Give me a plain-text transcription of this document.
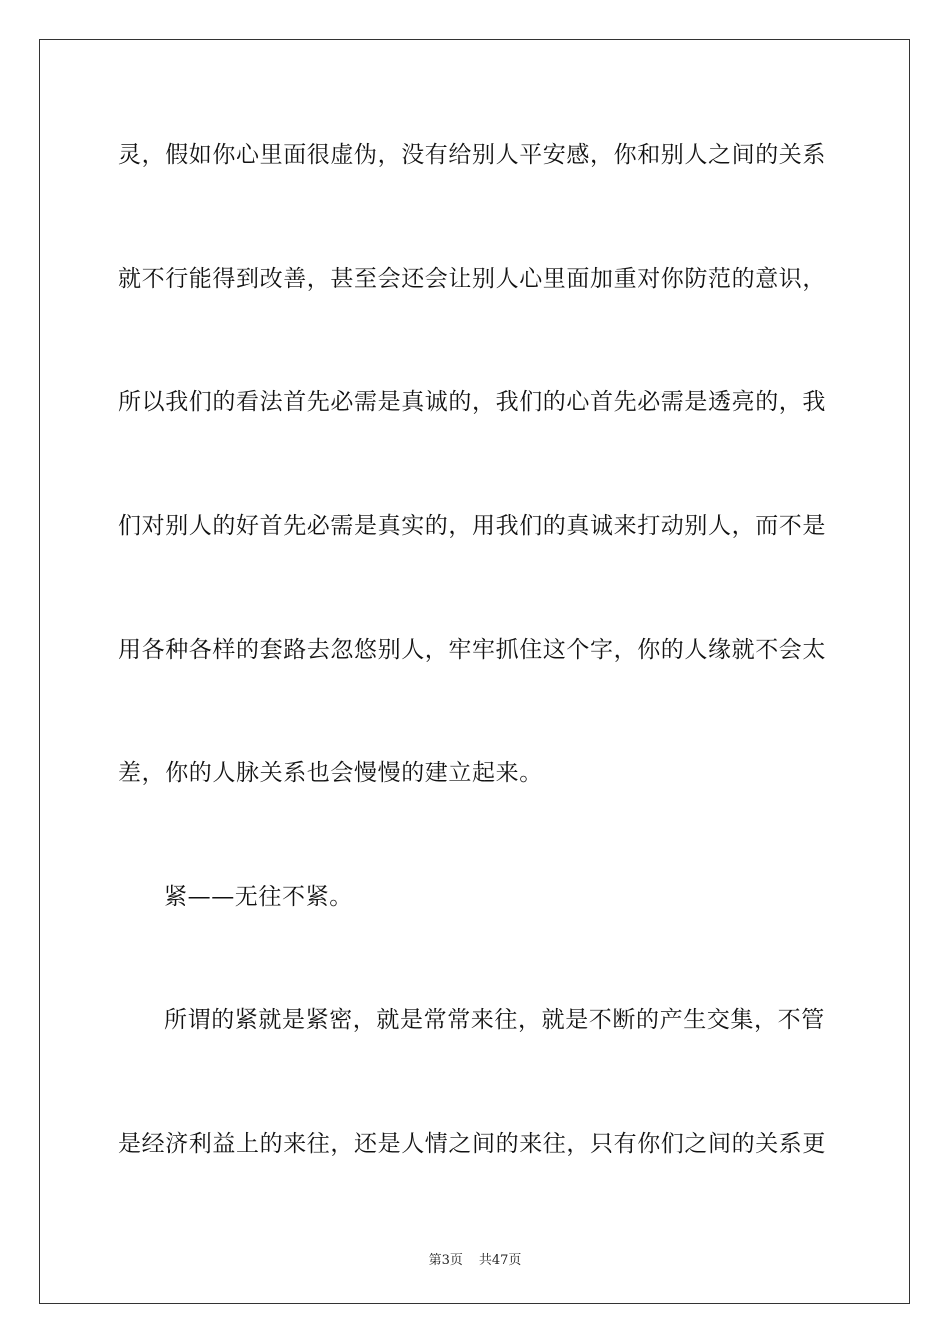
灵，假如你心里面很虚伪，没有给别人平安感，你和别人之间的关系

就不行能得到改善，甚至会还会让别人心里面加重对你防范的意识，

所以我们的看法首先必需是真诚的，我们的心首先必需是透亮的，我

们对别人的好首先必需是真实的，用我们的真诚来打动别人，而不是

用各种各样的套路去忽悠别人，牢牢抓住这个字，你的人缘就不会太

差，你的人脉关系也会慢慢的建立起来。

紧——无往不紧。

所谓的紧就是紧密，就是常常来往，就是不断的产生交集，不管

是经济利益上的来往，还是人情之间的来往，只有你们之间的关系更

第3页 共47页
